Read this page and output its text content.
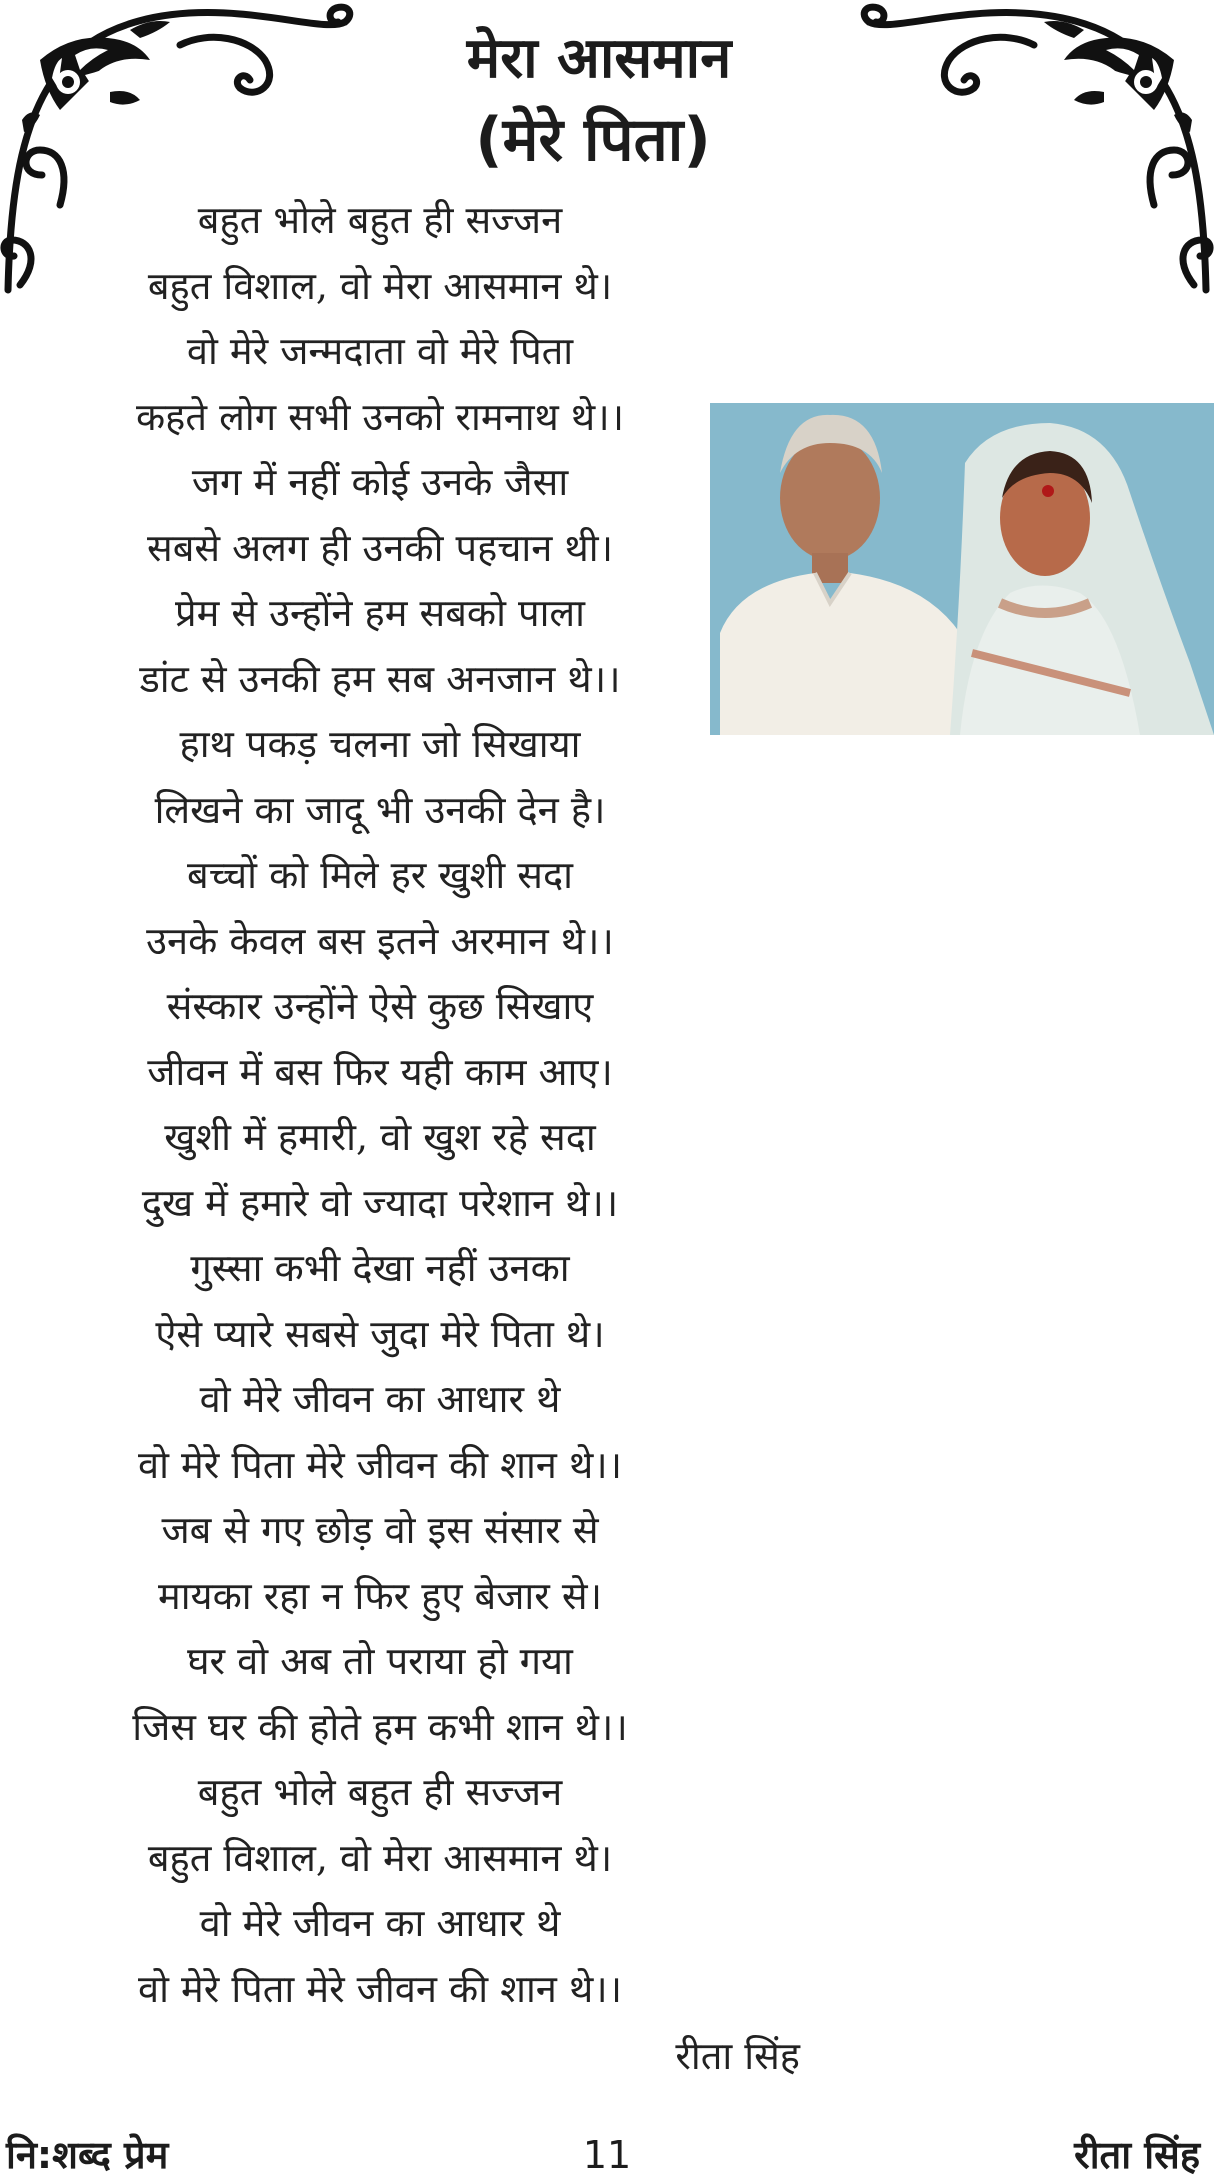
मेरा आसमान
(मेरे पिता)
बहुत भोले बहुत ही सज्जन
बहुत विशाल, वो मेरा आसमान थे।
वो मेरे जन्मदाता वो मेरे पिता
कहते लोग सभी उनको रामनाथ थे।।
जग में नहीं कोई उनके जैसा
सबसे अलग ही उनकी पहचान थी।
प्रेम से उन्होंने हम सबको पाला
डांट से उनकी हम सब अनजान थे।।
हाथ पकड़ चलना जो सिखाया
लिखने का जादू भी उनकी देन है।
बच्चों को मिले हर खुशी सदा
उनके केवल बस इतने अरमान थे।।
संस्कार उन्होंने ऐसे कुछ सिखाए
जीवन में बस फिर यही काम आए।
खुशी में हमारी, वो खुश रहे सदा
दुख में हमारे वो ज्यादा परेशान थे।।
गुस्सा कभी देखा नहीं उनका
ऐसे प्यारे सबसे जुदा मेरे पिता थे।
वो मेरे जीवन का आधार थे
वो मेरे पिता मेरे जीवन की शान थे।।
जब से गए छोड़ वो इस संसार से
मायका रहा न फिर हुए बेजार से।
घर वो अब तो पराया हो गया
जिस घर की होते हम कभी शान थे।।
बहुत भोले बहुत ही सज्जन
बहुत विशाल, वो मेरा आसमान थे।
वो मेरे जीवन का आधार थे
वो मेरे पिता मेरे जीवन की शान थे।।
रीता सिंह
11
नि:शब्द प्रेम	रीता सिंह
